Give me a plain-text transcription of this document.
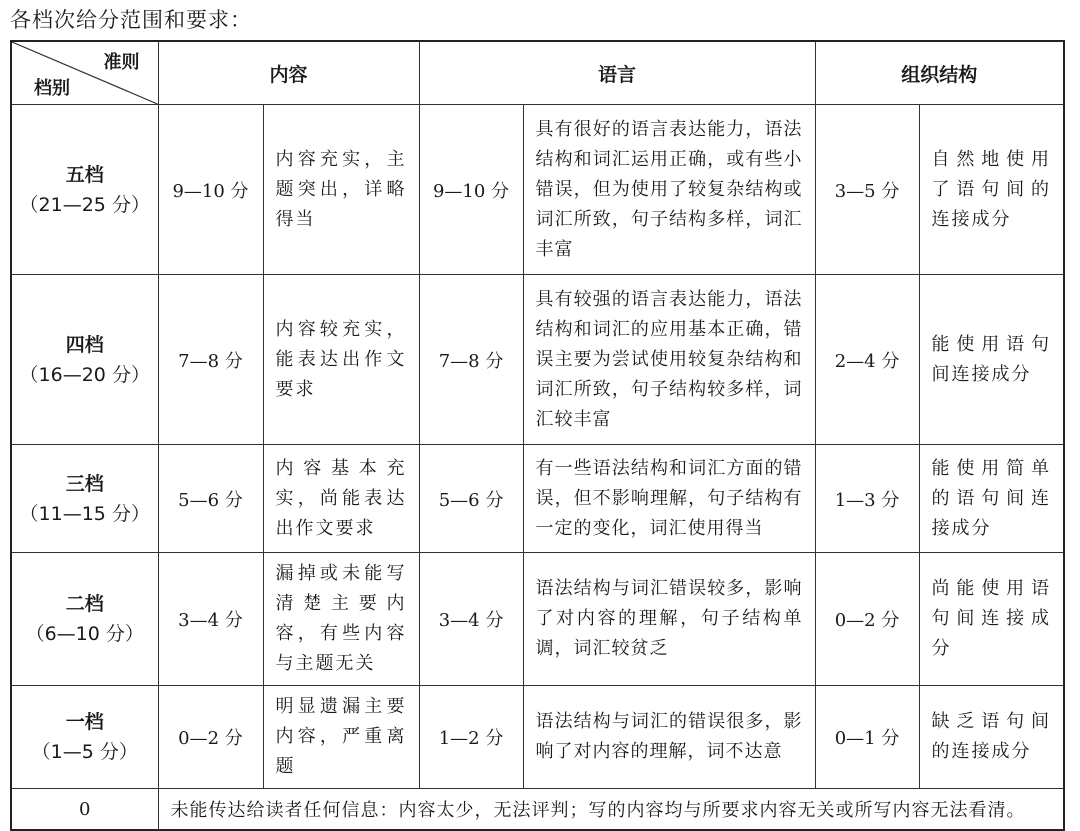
各档次给分范围和要求：
准则
档别	内容		语言		组织结构	

五档
（21—25 分）	9—10 分	内容充实，主题突出，详略得当	9—10 分	具有很好的语言表达能力，语法结构和词汇运用正确，或有些小错误，但为使用了较复杂结构或词汇所致，句子结构多样，词汇丰富	3—5 分	自然地使用了语句间的连接成分

四档
（16—20 分）	7—8 分	内容较充实，能表达出作文要求	7—8 分	具有较强的语言表达能力，语法结构和词汇的应用基本正确，错误主要为尝试使用较复杂结构和词汇所致，句子结构较多样，词汇较丰富	2—4 分	能使用语句间连接成分

三档
（11—15 分）	5—6 分	内容基本充实，尚能表达出作文要求	5—6 分	有一些语法结构和词汇方面的错误，但不影响理解，句子结构有一定的变化，词汇使用得当	1—3 分	能使用简单的语句间连接成分

二档
（6—10 分）	3—4 分	漏掉或未能写清楚主要内容，有些内容与主题无关	3—4 分	语法结构与词汇错误较多，影响了对内容的理解，句子结构单调，词汇较贫乏	0—2 分	尚能使用语句间连接成分

一档
（1—5 分）	0—2 分	明显遗漏主要内容，严重离题	1—2 分	语法结构与词汇的错误很多，影响了对内容的理解，词不达意	0—1 分	缺乏语句间的连接成分
0	未能传达给读者任何信息：内容太少，无法评判；写的内容均与所要求内容无关或所写内容无法看清。					
